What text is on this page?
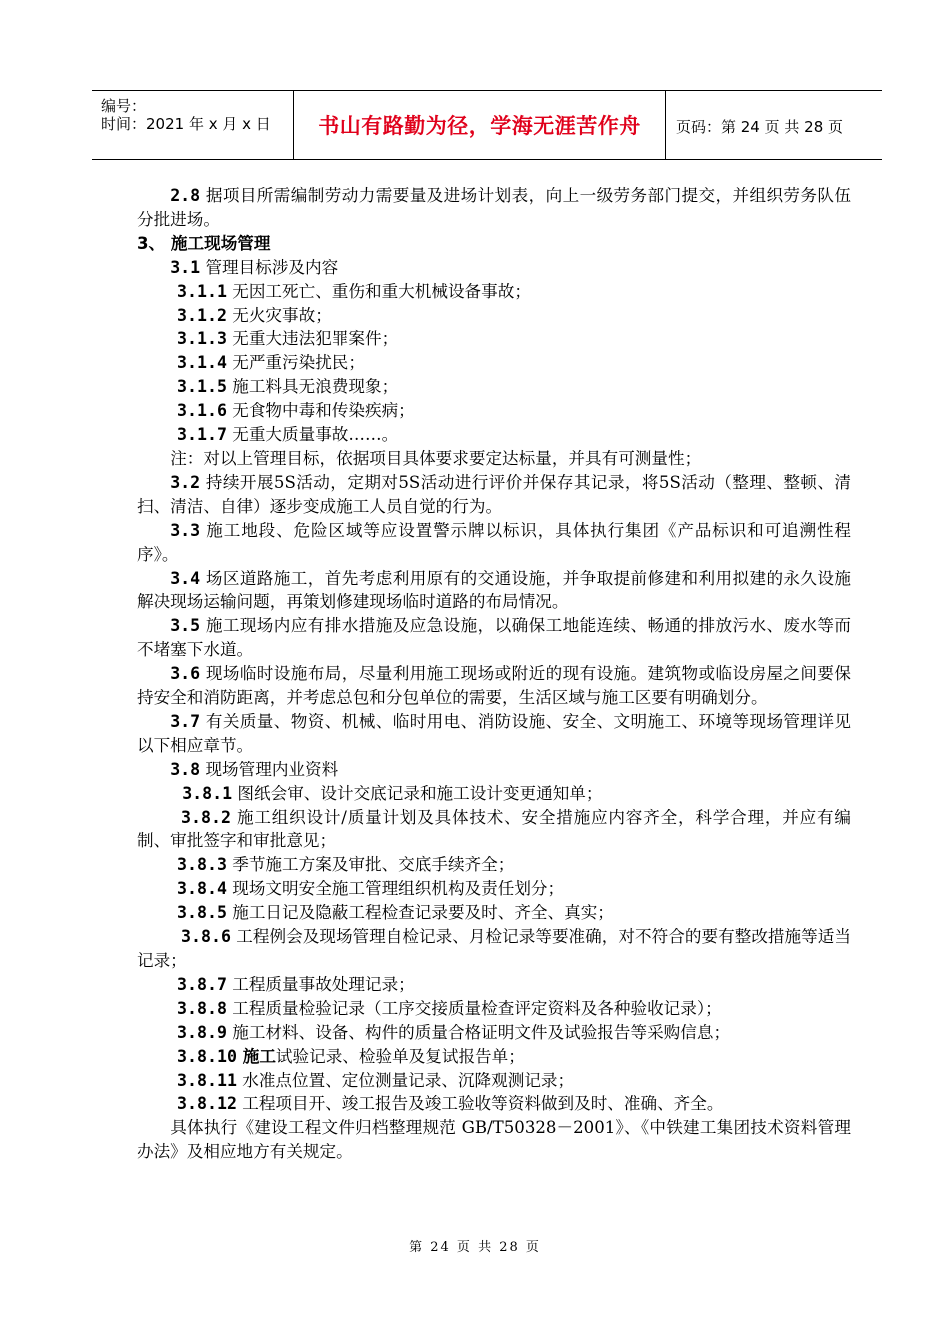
编号：
时间：2021 年 x 月 x 日	书山有路勤为径，学海无涯苦作舟	页码：第 24 页 共 28 页

2.8 据项目所需编制劳动力需要量及进场计划表，向上一级劳务部门提交，并组织劳务队伍分批进场。

3、 施工现场管理

3.1 管理目标涉及内容

3.1.1 无因工死亡、重伤和重大机械设备事故；

3.1.2 无火灾事故；

3.1.3 无重大违法犯罪案件；

3.1.4 无严重污染扰民；

3.1.5 施工料具无浪费现象；

3.1.6 无食物中毒和传染疾病；

3.1.7 无重大质量事故……。

注：对以上管理目标，依据项目具体要求要定达标量，并具有可测量性；

3.2 持续开展5S活动，定期对5S活动进行评价并保存其记录，将5S活动（整理、整顿、清扫、清洁、自律）逐步变成施工人员自觉的行为。

3.3 施工地段、危险区域等应设置警示牌以标识，具体执行集团《产品标识和可追溯性程序》。

3.4 场区道路施工，首先考虑利用原有的交通设施，并争取提前修建和利用拟建的永久设施解决现场运输问题，再策划修建现场临时道路的布局情况。

3.5 施工现场内应有排水措施及应急设施，以确保工地能连续、畅通的排放污水、废水等而不堵塞下水道。

3.6 现场临时设施布局，尽量利用施工现场或附近的现有设施。建筑物或临设房屋之间要保持安全和消防距离，并考虑总包和分包单位的需要，生活区域与施工区要有明确划分。

3.7 有关质量、物资、机械、临时用电、消防设施、安全、文明施工、环境等现场管理详见以下相应章节。

3.8 现场管理内业资料

3.8.1 图纸会审、设计交底记录和施工设计变更通知单；

3.8.2 施工组织设计/质量计划及具体技术、安全措施应内容齐全，科学合理，并应有编制、审批签字和审批意见；

3.8.3 季节施工方案及审批、交底手续齐全；

3.8.4 现场文明安全施工管理组织机构及责任划分；

3.8.5 施工日记及隐蔽工程检查记录要及时、齐全、真实；

3.8.6 工程例会及现场管理自检记录、月检记录等要准确，对不符合的要有整改措施等适当记录；

3.8.7 工程质量事故处理记录；

3.8.8 工程质量检验记录（工序交接质量检查评定资料及各种验收记录）；

3.8.9 施工材料、设备、构件的质量合格证明文件及试验报告等采购信息；

3.8.10 施工试验记录、检验单及复试报告单；

3.8.11 水准点位置、定位测量记录、沉降观测记录；

3.8.12 工程项目开、竣工报告及竣工验收等资料做到及时、准确、齐全。

具体执行《建设工程文件归档整理规范 GB/T50328－2001》、《中铁建工集团技术资料管理办法》及相应地方有关规定。

第 24 页 共 28 页
